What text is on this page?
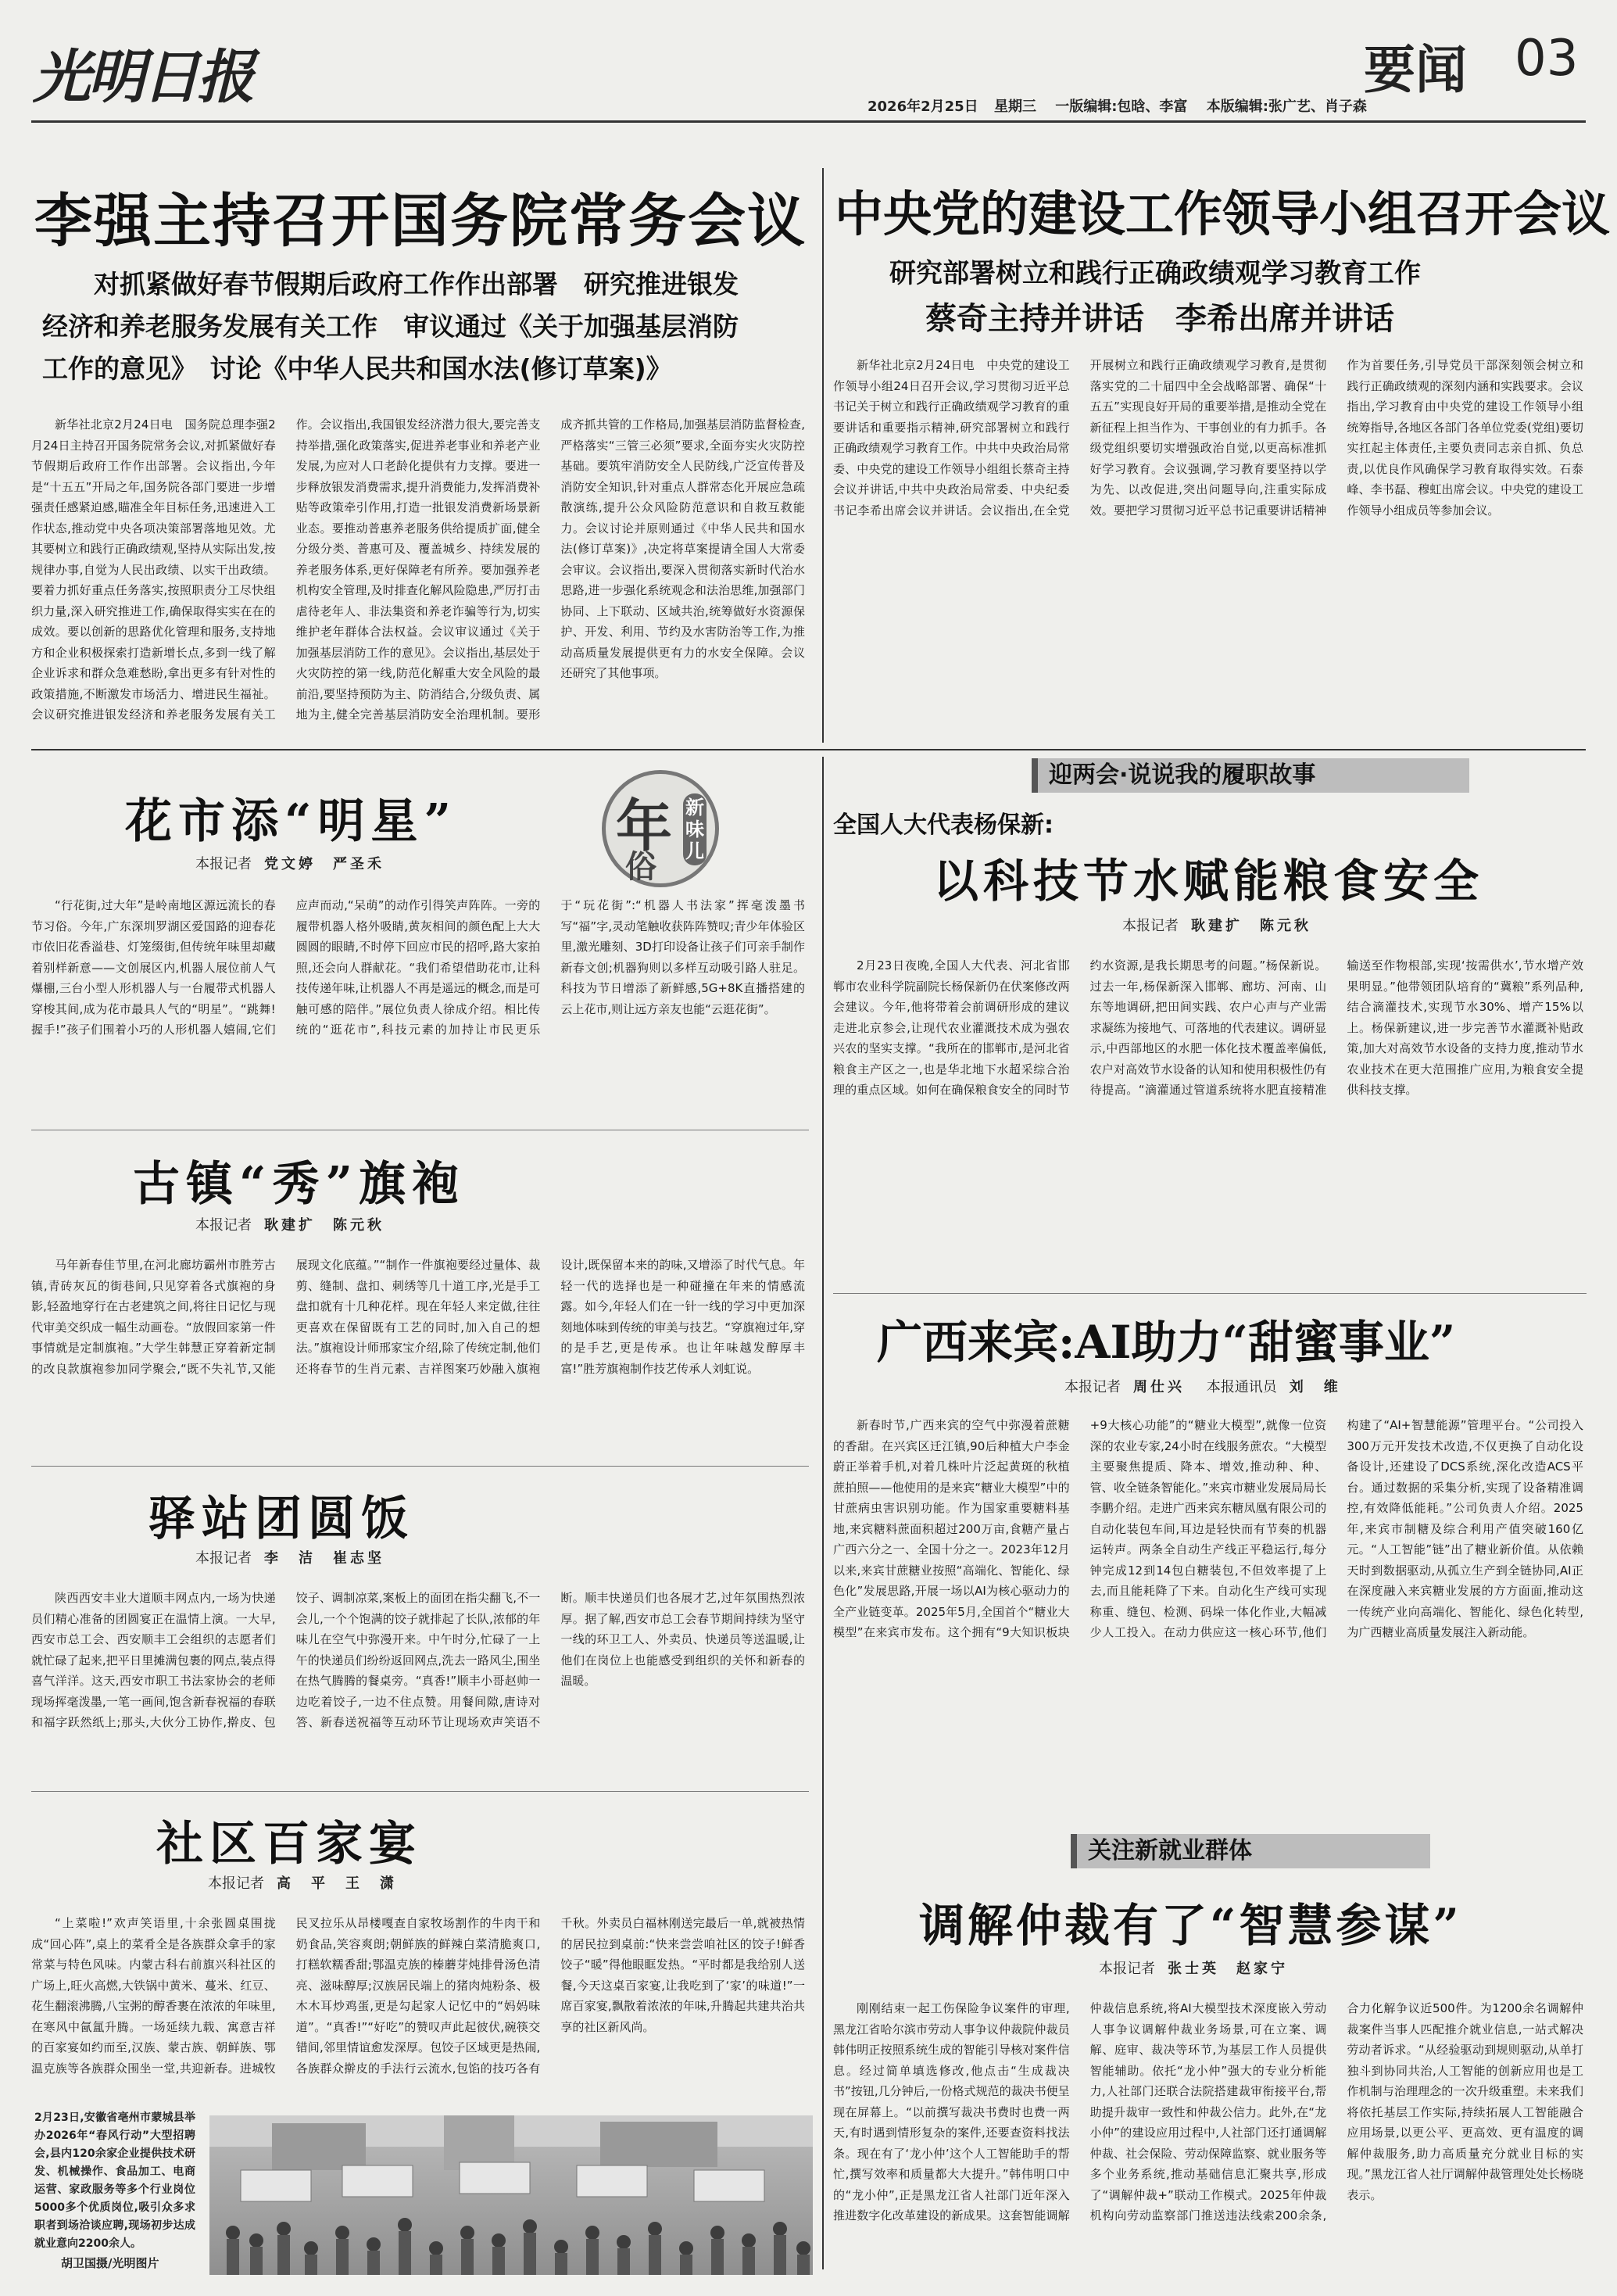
光明日报	2026年2月25日 星期三 一版编辑:包晗、李富 本版编辑:张广艺、肖子森
要闻 03
李强主持召开国务院常务会议
对抓紧做好春节假期后政府工作作出部署　研究推进银发
经济和养老服务发展有关工作　审议通过《关于加强基层消防
工作的意见》　讨论《中华人民共和国水法(修订草案)》
新华社北京2月24日电　国务院总理李强2月24日主持召开国务院常务会议,对抓紧做好春节假期后政府工作作出部署。会议指出,今年是“十五五”开局之年,国务院各部门要进一步增强责任感紧迫感,瞄准全年目标任务,迅速进入工作状态,推动党中央各项决策部署落地见效。尤其要树立和践行正确政绩观,坚持从实际出发,按规律办事,自觉为人民出政绩、以实干出政绩。要着力抓好重点任务落实,按照职责分工尽快组织力量,深入研究推进工作,确保取得实实在在的成效。要以创新的思路优化管理和服务,支持地方和企业积极探索打造新增长点,多到一线了解企业诉求和群众急难愁盼,拿出更多有针对性的政策措施,不断激发市场活力、增进民生福祉。会议研究推进银发经济和养老服务发展有关工作。会议指出,我国银发经济潜力很大,要完善支持举措,强化政策落实,促进养老事业和养老产业发展,为应对人口老龄化提供有力支撑。要进一步释放银发消费需求,提升消费能力,发挥消费补贴等政策牵引作用,打造一批银发消费新场景新业态。要推动普惠养老服务供给提质扩面,健全分级分类、普惠可及、覆盖城乡、持续发展的养老服务体系,更好保障老有所养。要加强养老机构安全管理,及时排查化解风险隐患,严厉打击虐待老年人、非法集资和养老诈骗等行为,切实维护老年群体合法权益。会议审议通过《关于加强基层消防工作的意见》。会议指出,基层处于火灾防控的第一线,防范化解重大安全风险的最前沿,要坚持预防为主、防消结合,分级负责、属地为主,健全完善基层消防安全治理机制。要形成齐抓共管的工作格局,加强基层消防监督检查,严格落实“三管三必须”要求,全面夯实火灾防控基础。要筑牢消防安全人民防线,广泛宣传普及消防安全知识,针对重点人群常态化开展应急疏散演练,提升公众风险防范意识和自救互救能力。会议讨论并原则通过《中华人民共和国水法(修订草案)》,决定将草案提请全国人大常委会审议。会议指出,要深入贯彻落实新时代治水思路,进一步强化系统观念和法治思维,加强部门协同、上下联动、区域共治,统筹做好水资源保护、开发、利用、节约及水害防治等工作,为推动高质量发展提供更有力的水安全保障。会议还研究了其他事项。
中央党的建设工作领导小组召开会议
研究部署树立和践行正确政绩观学习教育工作
蔡奇主持并讲话　李希出席并讲话
新华社北京2月24日电　中央党的建设工作领导小组24日召开会议,学习贯彻习近平总书记关于树立和践行正确政绩观学习教育的重要讲话和重要指示精神,研究部署树立和践行正确政绩观学习教育工作。中共中央政治局常委、中央党的建设工作领导小组组长蔡奇主持会议并讲话,中共中央政治局常委、中央纪委书记李希出席会议并讲话。会议指出,在全党开展树立和践行正确政绩观学习教育,是贯彻落实党的二十届四中全会战略部署、确保“十五五”实现良好开局的重要举措,是推动全党在新征程上担当作为、干事创业的有力抓手。各级党组织要切实增强政治自觉,以更高标准抓好学习教育。会议强调,学习教育要坚持以学为先、以改促进,突出问题导向,注重实际成效。要把学习贯彻习近平总书记重要讲话精神作为首要任务,引导党员干部深刻领会树立和践行正确政绩观的深刻内涵和实践要求。会议指出,学习教育由中央党的建设工作领导小组统筹指导,各地区各部门各单位党委(党组)要切实扛起主体责任,主要负责同志亲自抓、负总责,以优良作风确保学习教育取得实效。石泰峰、李书磊、穆虹出席会议。中央党的建设工作领导小组成员等参加会议。
年
俗
新味儿
花市添“明星”
本报记者 党文婷　严圣禾
“行花街,过大年”是岭南地区源远流长的春节习俗。今年,广东深圳罗湖区爱国路的迎春花市依旧花香溢巷、灯笼缀街,但传统年味里却藏着别样新意——文创展区内,机器人展位前人气爆棚,三台小型人形机器人与一台履带式机器人穿梭其间,成为花市最具人气的“明星”。“跳舞!握手!”孩子们围着小巧的人形机器人嬉闹,它们应声而动,“呆萌”的动作引得笑声阵阵。一旁的履带机器人格外吸睛,黄灰相间的颜色配上大大圆圆的眼睛,不时停下回应市民的招呼,路大家拍照,还会向人群献花。“我们希望借助花市,让科技传递年味,让机器人不再是遥远的概念,而是可触可感的陪伴。”展位负责人徐成介绍。相比传统的“逛花市”,科技元素的加持让市民更乐于“玩花街”:“机器人书法家”挥毫泼墨书写“福”字,灵动笔触收获阵阵赞叹;青少年体验区里,激光雕刻、3D打印设备让孩子们可亲手制作新春文创;机器狗则以多样互动吸引路人驻足。科技为节日增添了新鲜感,5G+8K直播搭建的云上花市,则让远方亲友也能“云逛花街”。
古镇“秀”旗袍
本报记者 耿建扩　陈元秋
马年新春佳节里,在河北廊坊霸州市胜芳古镇,青砖灰瓦的街巷间,只见穿着各式旗袍的身影,轻盈地穿行在古老建筑之间,将往日记忆与现代审美交织成一幅生动画卷。“放假回家第一件事情就是定制旗袍。”大学生韩慧正穿着新定制的改良款旗袍参加同学聚会,“既不失礼节,又能展现文化底蕴。”“制作一件旗袍要经过量体、裁剪、缝制、盘扣、刺绣等几十道工序,光是手工盘扣就有十几种花样。现在年轻人来定做,往往更喜欢在保留既有工艺的同时,加入自己的想法。”旗袍设计师邢家宝介绍,除了传统定制,他们还将春节的生肖元素、吉祥图案巧妙融入旗袍设计,既保留本来的韵味,又增添了时代气息。年轻一代的选择也是一种碰撞在年来的情感流露。如今,年轻人们在一针一线的学习中更加深刻地体味到传统的审美与技艺。“穿旗袍过年,穿的是手艺,更是传承。也让年味越发醇厚丰富!”胜芳旗袍制作技艺传承人刘虹说。
驿站团圆饭
本报记者 李　洁　崔志坚
陕西西安丰业大道顺丰网点内,一场为快递员们精心准备的团圆宴正在温情上演。一大早,西安市总工会、西安顺丰工会组织的志愿者们就忙碌了起来,把平日里摊满包裹的网点,装点得喜气洋洋。这天,西安市职工书法家协会的老师现场挥毫泼墨,一笔一画间,饱含新春祝福的春联和福字跃然纸上;那头,大伙分工协作,擀皮、包饺子、调制凉菜,案板上的面团在指尖翻飞,不一会儿,一个个饱满的饺子就排起了长队,浓郁的年味儿在空气中弥漫开来。中午时分,忙碌了一上午的快递员们纷纷返回网点,洗去一路风尘,围坐在热气腾腾的餐桌旁。“真香!”顺丰小哥赵帅一边吃着饺子,一边不住点赞。用餐间隙,唐诗对答、新春送祝福等互动环节让现场欢声笑语不断。顺丰快递员们也各展才艺,过年氛围热烈浓厚。据了解,西安市总工会春节期间持续为坚守一线的环卫工人、外卖员、快递员等送温暖,让他们在岗位上也能感受到组织的关怀和新春的温暖。
社区百家宴
本报记者 高　平　王　潇
“上菜啦!”欢声笑语里,十余张圆桌围拢成“回心阵”,桌上的菜肴全是各族群众拿手的家常菜与特色风味。内蒙古科右前旗兴科社区的广场上,旺火高燃,大铁锅中黄米、蔓米、红豆、花生翻滚沸腾,八宝粥的醇香裹在浓浓的年味里,在寒风中氤氲升腾。一场延续九载、寓意吉祥的百家宴如约而至,汉族、蒙古族、朝鲜族、鄂温克族等各族群众围坐一堂,共迎新春。进城牧民叉拉乐从昂楼嘎查自家牧场割作的牛肉干和奶食品,笑容爽朗;朝鲜族的鲜辣白菜清脆爽口,打糕软糯香甜;鄂温克族的榛蘑芽炖排骨汤色清亮、滋味醇厚;汉族居民端上的猪肉炖粉条、极木木耳炒鸡蛋,更是勾起家人记忆中的“妈妈味道”。“真香!”“好吃”的赞叹声此起彼伏,碗筷交错间,邻里情谊愈发深厚。包饺子区域更是热闹,各族群众擀皮的手法行云流水,包馅的技巧各有千秋。外卖员白福林刚送完最后一单,就被热情的居民拉到桌前:“快来尝尝咱社区的饺子!鲜香饺子“暖”得他眼眶发热。“平时都是我给别人送餐,今天这桌百家宴,让我吃到了‘家’的味道!”一席百家宴,飘散着浓浓的年味,升腾起共建共治共享的社区新风尚。
2月23日,安徽省亳州市蒙城县举办2026年“春风行动”大型招聘会,县内120余家企业提供技术研发、机械操作、食品加工、电商运营、家政服务等多个行业岗位5000多个优质岗位,吸引众多求职者到场洽谈应聘,现场初步达成就业意向2200余人。
胡卫国摄/光明图片
迎两会·说说我的履职故事
全国人大代表杨保新:
以科技节水赋能粮食安全
本报记者 耿建扩　陈元秋
2月23日夜晚,全国人大代表、河北省邯郸市农业科学院副院长杨保新仍在伏案修改两会建议。今年,他将带着会前调研形成的建议走进北京参会,让现代农业灌溉技术成为强农兴农的坚实支撑。“我所在的邯郸市,是河北省粮食主产区之一,也是华北地下水超采综合治理的重点区域。如何在确保粮食安全的同时节约水资源,是我长期思考的问题。”杨保新说。过去一年,杨保新深入邯郸、廊坊、河南、山东等地调研,把田间实践、农户心声与产业需求凝练为接地气、可落地的代表建议。调研显示,中西部地区的水肥一体化技术覆盖率偏低,农户对高效节水设备的认知和使用积极性仍有待提高。“滴灌通过管道系统将水肥直接精准输送至作物根部,实现‘按需供水’,节水增产效果明显。”他带领团队培育的“冀粮”系列品种,结合滴灌技术,实现节水30%、增产15%以上。杨保新建议,进一步完善节水灌溉补贴政策,加大对高效节水设备的支持力度,推动节水农业技术在更大范围推广应用,为粮食安全提供科技支撑。
广西来宾:AI助力“甜蜜事业”
本报记者 周仕兴 本报通讯员 刘　维
新春时节,广西来宾的空气中弥漫着蔗糖的香甜。在兴宾区迁江镇,90后种植大户李金蔚正举着手机,对着几株叶片泛起黄斑的秋植蔗拍照——他使用的是来宾“糖业大模型”中的甘蔗病虫害识别功能。作为国家重要糖料基地,来宾糖料蔗面积超过200万亩,食糖产量占广西六分之一、全国十分之一。2023年12月以来,来宾甘蔗糖业按照“高端化、智能化、绿色化”发展思路,开展一场以AI为核心驱动力的全产业链变革。2025年5月,全国首个“糖业大模型”在来宾市发布。这个拥有“9大知识板块+9大核心功能”的“糖业大模型”,就像一位资深的农业专家,24小时在线服务蔗农。“大模型主要聚焦提质、降本、增效,推动种、种、管、收全链条智能化。”来宾市糖业发展局局长李鹏介绍。走进广西来宾东糖凤凰有限公司的自动化装包车间,耳边是轻快而有节奏的机器运转声。两条全自动生产线正平稳运行,每分钟完成12到14包白糖装包,不但效率提了上去,而且能耗降了下来。自动化生产线可实现称重、缝包、检测、码垛一体化作业,大幅减少人工投入。在动力供应这一核心环节,他们构建了“AI+智慧能源”管理平台。“公司投入300万元开发技术改造,不仅更换了自动化设备设计,还建设了DCS系统,深化改造ACS平台。通过数据的采集分析,实现了设备精准调控,有效降低能耗。”公司负责人介绍。2025年,来宾市制糖及综合利用产值突破160亿元。“人工智能”链”出了糖业新价值。从依赖天时到数据驱动,从孤立生产到全链协同,AI正在深度融入来宾糖业发展的方方面面,推动这一传统产业向高端化、智能化、绿色化转型,为广西糖业高质量发展注入新动能。
关注新就业群体
调解仲裁有了“智慧参谋”
本报记者 张士英　赵家宁
刚刚结束一起工伤保险争议案件的审理,黑龙江省哈尔滨市劳动人事争议仲裁院仲裁员韩伟明正按照系统生成的智能引导核对案件信息。经过简单填选修改,他点击“生成裁决书”按钮,几分钟后,一份格式规范的裁决书便呈现在屏幕上。“以前撰写裁决书费时也费一两天,有时遇到情形复杂的案件,还要查资料找法条。现在有了‘龙小仲’这个人工智能助手的帮忙,撰写效率和质量都大大提升。”韩伟明口中的“龙小仲”,正是黑龙江省人社部门近年深入推进数字化改革建设的新成果。这套智能调解仲裁信息系统,将AI大模型技术深度嵌入劳动人事争议调解仲裁业务场景,可在立案、调解、庭审、裁决等环节,为基层工作人员提供智能辅助。依托“龙小仲”强大的专业分析能力,人社部门还联合法院搭建裁审衔接平台,帮助提升裁审一致性和仲裁公信力。此外,在“龙小仲”的建设应用过程中,人社部门还打通调解仲裁、社会保险、劳动保障监察、就业服务等多个业务系统,推动基础信息汇聚共享,形成了“调解仲裁+”联动工作模式。2025年仲裁机构向劳动监察部门推送违法线索200余条,合力化解争议近500件。为1200余名调解仲裁案件当事人匹配推介就业信息,一站式解决劳动者诉求。“从经验驱动到规则驱动,从单打独斗到协同共治,人工智能的创新应用也是工作机制与治理理念的一次升级重塑。未来我们将依托基层工作实际,持续拓展人工智能融合应用场景,以更公平、更高效、更有温度的调解仲裁服务,助力高质量充分就业目标的实现。”黑龙江省人社厅调解仲裁管理处处长杨晓表示。
